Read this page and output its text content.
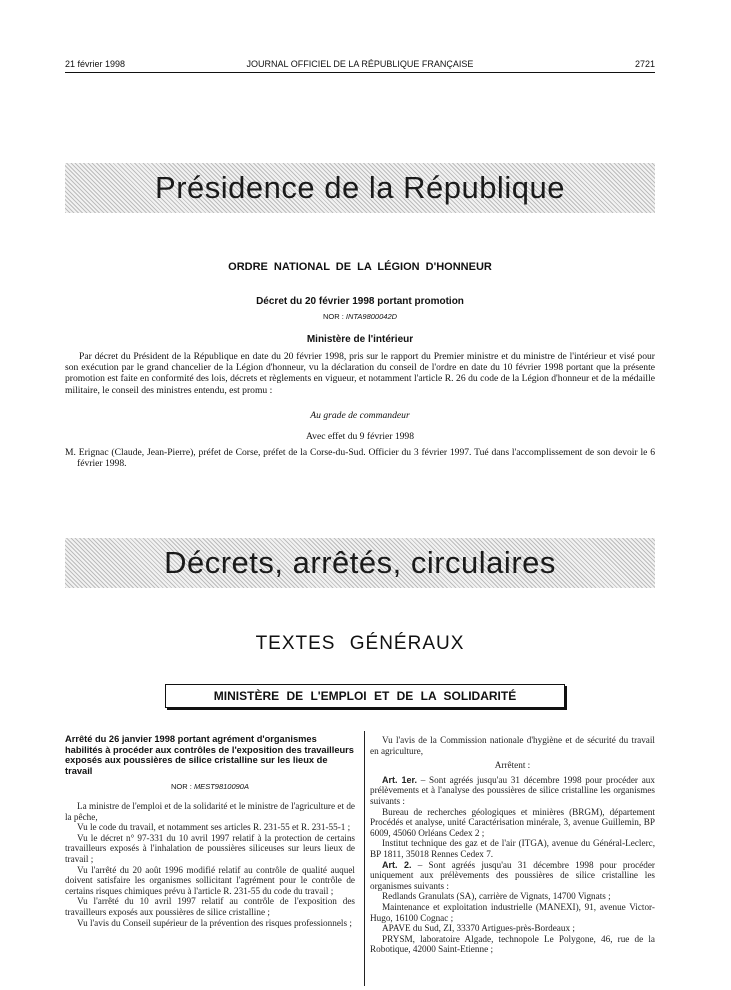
21 février 1998	JOURNAL OFFICIEL DE LA RÉPUBLIQUE FRANÇAISE	2721
Présidence de la République
ORDRE NATIONAL DE LA LÉGION D'HONNEUR
Décret du 20 février 1998 portant promotion
NOR : INTA9800042D
Ministère de l'intérieur
Par décret du Président de la République en date du 20 février 1998, pris sur le rapport du Premier ministre et du ministre de l'intérieur et visé pour son exécution par le grand chancelier de la Légion d'honneur, vu la déclaration du conseil de l'ordre en date du 10 février 1998 portant que la présente promotion est faite en conformité des lois, décrets et règlements en vigueur, et notamment l'article R. 26 du code de la Légion d'honneur et de la médaille militaire, le conseil des ministres entendu, est promu :
Au grade de commandeur
Avec effet du 9 février 1998
M. Erignac (Claude, Jean-Pierre), préfet de Corse, préfet de la Corse-du-Sud. Officier du 3 février 1997. Tué dans l'accomplissement de son devoir le 6 février 1998.
Décrets, arrêtés, circulaires
TEXTES GÉNÉRAUX
MINISTÈRE DE L'EMPLOI ET DE LA SOLIDARITÉ
Arrêté du 26 janvier 1998 portant agrément d'organismes habilités à procéder aux contrôles de l'exposition des travailleurs exposés aux poussières de silice cristalline sur les lieux de travail
NOR : MEST9810090A

La ministre de l'emploi et de la solidarité et le ministre de l'agriculture et de la pêche,

Vu le code du travail, et notamment ses articles R. 231-55 et R. 231-55-1 ;

Vu le décret n° 97-331 du 10 avril 1997 relatif à la protection de certains travailleurs exposés à l'inhalation de poussières siliceuses sur leurs lieux de travail ;

Vu l'arrêté du 20 août 1996 modifié relatif au contrôle de qualité auquel doivent satisfaire les organismes sollicitant l'agrément pour le contrôle de certains risques chimiques prévu à l'article R. 231-55 du code du travail ;

Vu l'arrêté du 10 avril 1997 relatif au contrôle de l'exposition des travailleurs exposés aux poussières de silice cristalline ;

Vu l'avis du Conseil supérieur de la prévention des risques professionnels ;

Vu l'avis de la Commission nationale d'hygiène et de sécurité du travail en agriculture,

Arrêtent :

Art. 1er. – Sont agréés jusqu'au 31 décembre 1998 pour procéder aux prélèvements et à l'analyse des poussières de silice cristalline les organismes suivants :

Bureau de recherches géologiques et minières (BRGM), département Procédés et analyse, unité Caractérisation minérale, 3, avenue Guillemin, BP 6009, 45060 Orléans Cedex 2 ;

Institut technique des gaz et de l'air (ITGA), avenue du Général-Leclerc, BP 1811, 35018 Rennes Cedex 7.

Art. 2. – Sont agréés jusqu'au 31 décembre 1998 pour procéder uniquement aux prélèvements des poussières de silice cristalline les organismes suivants :

Redlands Granulats (SA), carrière de Vignats, 14700 Vignats ;

Maintenance et exploitation industrielle (MANEXI), 91, avenue Victor-Hugo, 16100 Cognac ;

APAVE du Sud, ZI, 33370 Artigues-près-Bordeaux ;

PRYSM, laboratoire Algade, technopole Le Polygone, 46, rue de la Robotique, 42000 Saint-Etienne ;
